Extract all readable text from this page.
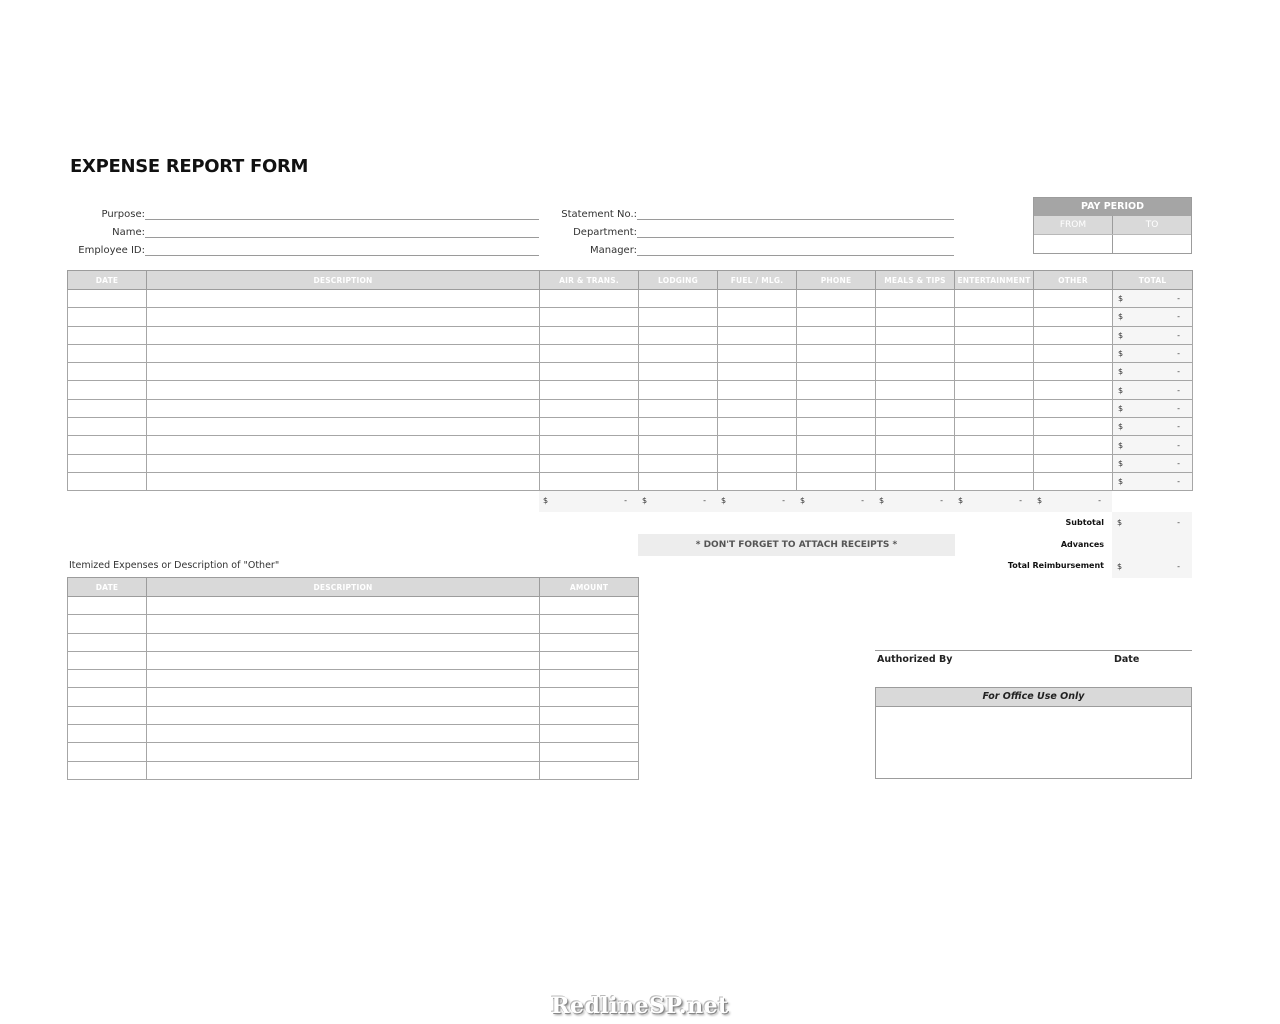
EXPENSE REPORT FORM
Purpose:
Name:
Employee ID:
Statement No.:
Department:
Manager:
PAY PERIOD
FROM	TO
DATE	DESCRIPTION	AIR & TRANS.	LODGING	FUEL / MLG.	PHONE	MEALS & TIPS	ENTERTAINMENT	OTHER	TOTAL

									$ -

									$ -

									$ -

									$ -

									$ -

									$ -

									$ -

									$ -

									$ -

									$ -

									$ -
$	- $	- $	- $	- $	- $	- $	-
Subtotal $	-
Advances
Total Reimbursement $	-
* DON'T FORGET TO ATTACH RECEIPTS *
Itemized Expenses or Description of "Other"
DATE	DESCRIPTION	AMOUNT

Authorized By	Date
For Office Use Only
RedlineSP.net
